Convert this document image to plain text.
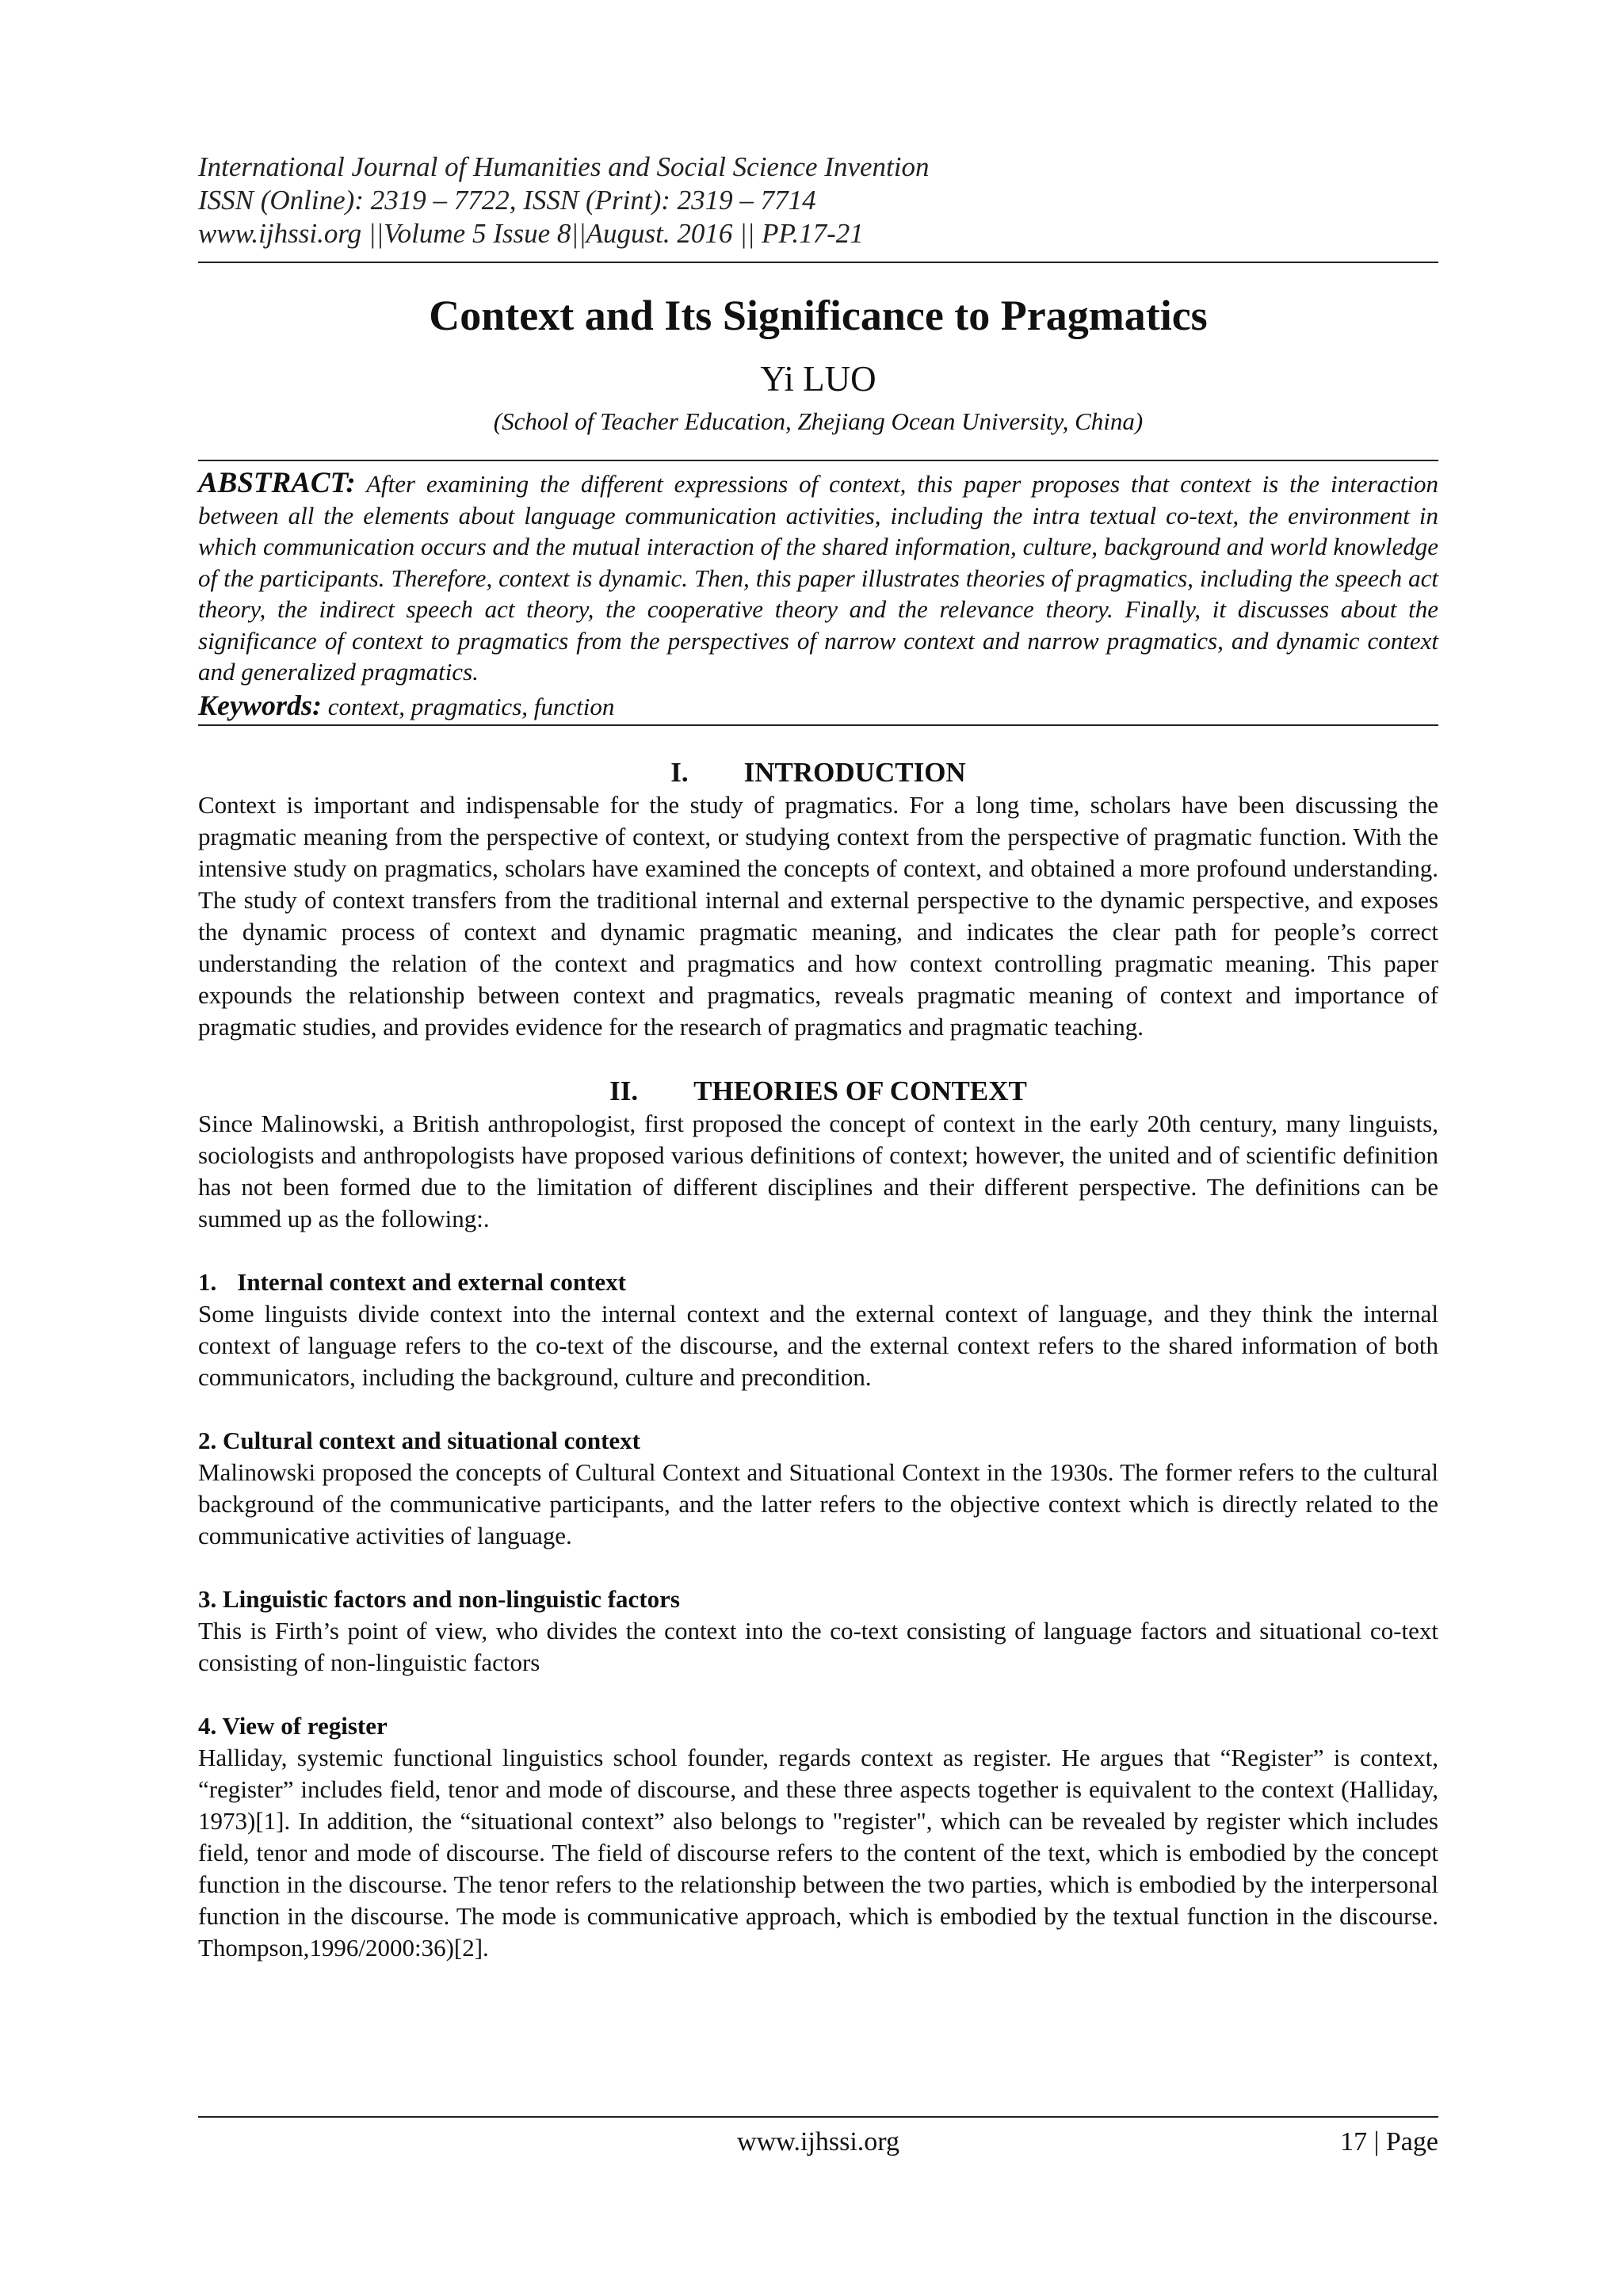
International Journal of Humanities and Social Science Invention
ISSN (Online): 2319 – 7722, ISSN (Print): 2319 – 7714
www.ijhssi.org ||Volume 5 Issue 8||August. 2016 || PP.17-21
Context and Its Significance to Pragmatics
Yi LUO
(School of Teacher Education, Zhejiang Ocean University, China)
ABSTRACT: After examining the different expressions of context, this paper proposes that context is the interaction between all the elements about language communication activities, including the intra textual co-text, the environment in which communication occurs and the mutual interaction of the shared information, culture, background and world knowledge of the participants. Therefore, context is dynamic. Then, this paper illustrates theories of pragmatics, including the speech act theory, the indirect speech act theory, the cooperative theory and the relevance theory. Finally, it discusses about the significance of context to pragmatics from the perspectives of narrow context and narrow pragmatics, and dynamic context and generalized pragmatics.
Keywords: context, pragmatics, function
I. INTRODUCTION

Context is important and indispensable for the study of pragmatics. For a long time, scholars have been discussing the pragmatic meaning from the perspective of context, or studying context from the perspective of pragmatic function. With the intensive study on pragmatics, scholars have examined the concepts of context, and obtained a more profound understanding. The study of context transfers from the traditional internal and external perspective to the dynamic perspective, and exposes the dynamic process of context and dynamic pragmatic meaning, and indicates the clear path for people’s correct understanding the relation of the context and pragmatics and how context controlling pragmatic meaning. This paper expounds the relationship between context and pragmatics, reveals pragmatic meaning of context and importance of pragmatic studies, and provides evidence for the research of pragmatics and pragmatic teaching.

II. THEORIES OF CONTEXT

Since Malinowski, a British anthropologist, first proposed the concept of context in the early 20th century, many linguists, sociologists and anthropologists have proposed various definitions of context; however, the united and of scientific definition has not been formed due to the limitation of different disciplines and their different perspective. The definitions can be summed up as the following:.

1. Internal context and external context

Some linguists divide context into the internal context and the external context of language, and they think the internal context of language refers to the co-text of the discourse, and the external context refers to the shared information of both communicators, including the background, culture and precondition.

2. Cultural context and situational context

Malinowski proposed the concepts of Cultural Context and Situational Context in the 1930s. The former refers to the cultural background of the communicative participants, and the latter refers to the objective context which is directly related to the communicative activities of language.

3. Linguistic factors and non-linguistic factors

This is Firth’s point of view, who divides the context into the co-text consisting of language factors and situational co-text consisting of non-linguistic factors

4. View of register

Halliday, systemic functional linguistics school founder, regards context as register. He argues that “Register” is context, “register” includes field, tenor and mode of discourse, and these three aspects together is equivalent to the context (Halliday, 1973)[1]. In addition, the “situational context” also belongs to "register", which can be revealed by register which includes field, tenor and mode of discourse. The field of discourse refers to the content of the text, which is embodied by the concept function in the discourse. The tenor refers to the relationship between the two parties, which is embodied by the interpersonal function in the discourse. The mode is communicative approach, which is embodied by the textual function in the discourse. Thompson,1996/2000:36)[2].

www.ijhssi.org	17 | Page
